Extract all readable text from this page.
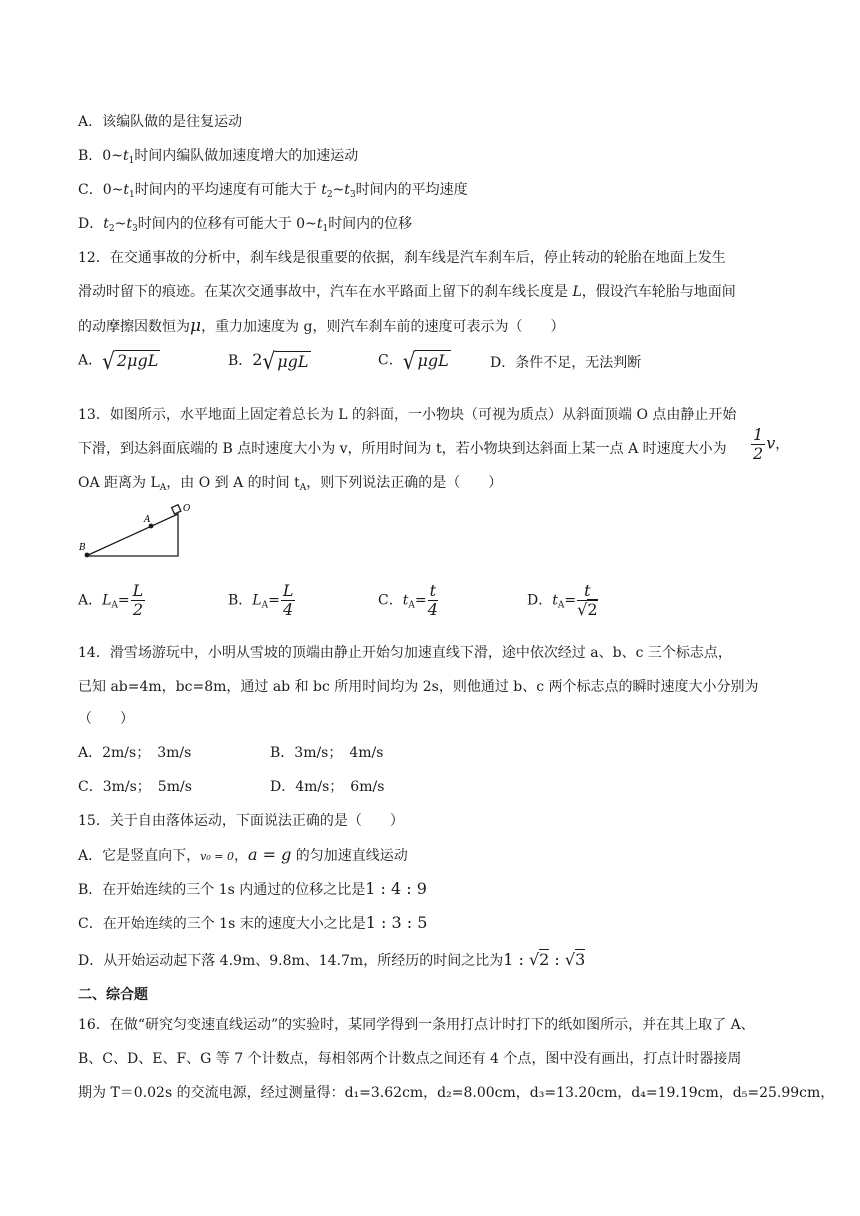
A．该编队做的是往复运动
B．$0\sim t_1$时间内编队做加速度增大的加速运动
C．$0\sim t_1$时间内的平均速度有可能大于 $t_2\sim t_3$时间内的平均速度
D．$t_2\sim t_3$时间内的位移有可能大于 $0\sim t_1$时间内的位移
12．在交通事故的分析中，刹车线是很重要的依据，刹车线是汽车刹车后，停止转动的轮胎在地面上发生
滑动时留下的痕迹。在某次交通事故中，汽车在水平路面上留下的刹车线长度是 L，假设汽车轮胎与地面间
的动摩擦因数恒为μ，重力加速度为 g，则汽车刹车前的速度可表示为（　　）
A．√ 2μgL	B．2√ μgL	C．√ μgL	D．条件不足，无法判断
13．如图所示，水平地面上固定着总长为 L 的斜面，一小物块（可视为质点）从斜面顶端 O 点由静止开始
下滑，到达斜面底端的 B 点时速度大小为 v，所用时间为 t，若小物块到达斜面上某一点 A 时速度大小为 $\frac{1}{2}$ v，
OA 距离为 $L_A$，由 O 到 A 的时间 $t_A$，则下列说法正确的是（　　）
O
A
B
A．$L_A= \frac{L}{2}$	B．$L_A= \frac{L}{4}$	C．$t_A= \frac{t}{4}$	D．$t_A= \frac{t}{√2}$
14．滑雪场游玩中，小明从雪坡的顶端由静止开始匀加速直线下滑，途中依次经过 a、b、c 三个标志点，
已知 ab=4m，bc=8m，通过 ab 和 bc 所用时间均为 2s，则他通过 b、c 两个标志点的瞬时速度大小分别为
（　　）
A．2m/s；　3m/s	B．3m/s；　4m/s
C．3m/s；　5m/s	D．4m/s；　6m/s
15．关于自由落体运动，下面说法正确的是（　　）
A．它是竖直向下，v₀ = 0，a = g 的匀加速直线运动
B．在开始连续的三个 1s 内通过的位移之比是1 : 4 : 9
C．在开始连续的三个 1s 末的速度大小之比是1 : 3 : 5
D．从开始运动起下落 4.9m、9.8m、14.7m，所经历的时间之比为1 : √2 : √3
二、综合题
16．在做“研究匀变速直线运动”的实验时，某同学得到一条用打点计时打下的纸如图所示，并在其上取了 A、
B、C、D、E、F、G 等 7 个计数点，每相邻两个计数点之间还有 4 个点，图中没有画出，打点计时器接周
期为 T＝0.02s 的交流电源，经过测量得：d₁=3.62cm，d₂=8.00cm，d₃=13.20cm，d₄=19.19cm，d₅=25.99cm，
